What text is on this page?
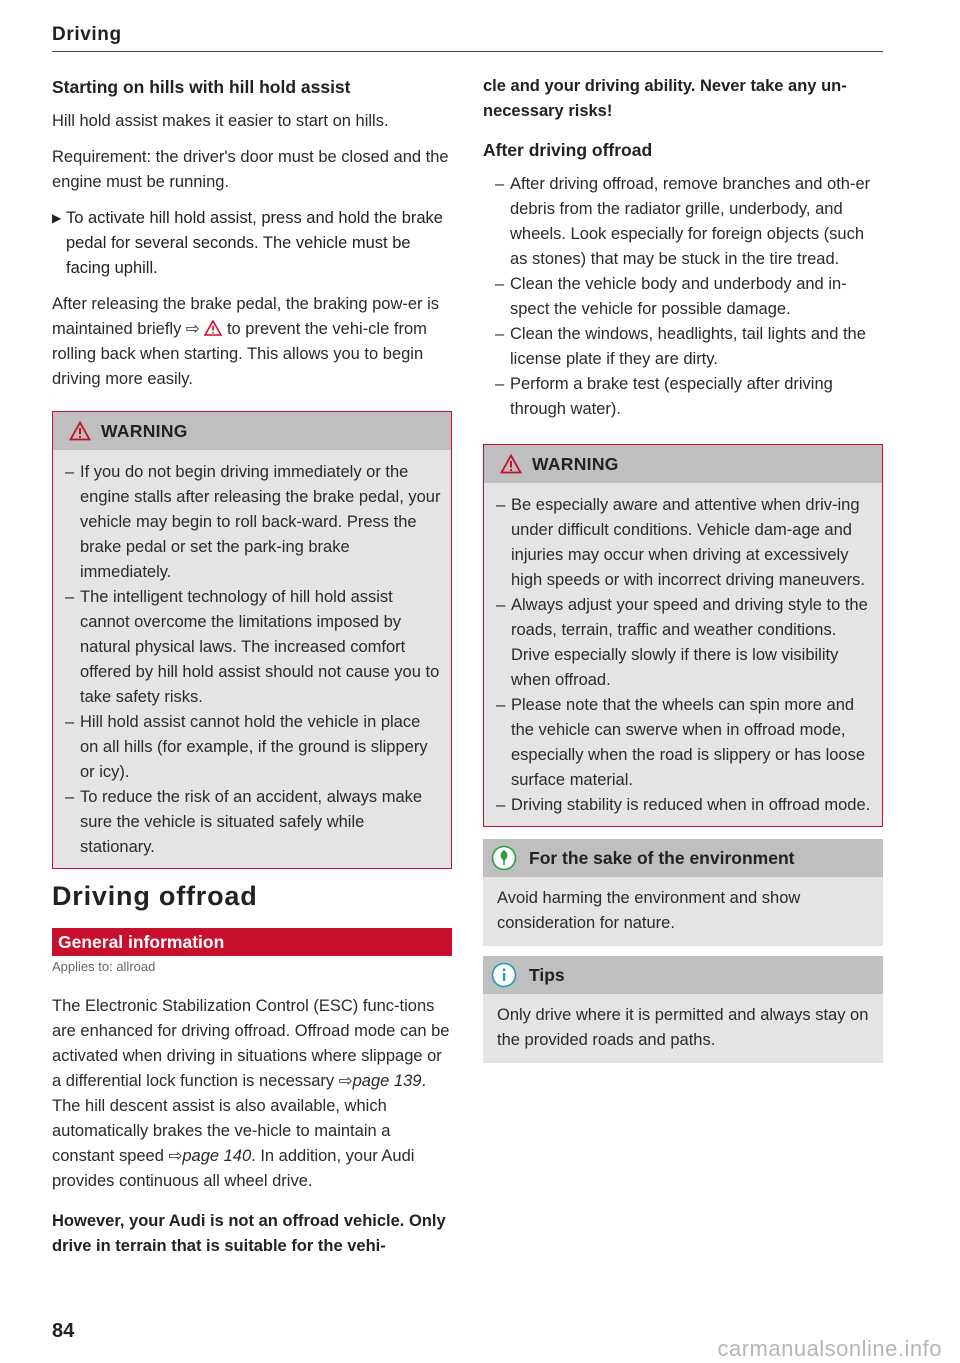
Driving
Starting on hills with hill hold assist
Hill hold assist makes it easier to start on hills.
Requirement: the driver's door must be closed and the engine must be running.
▶ To activate hill hold assist, press and hold the brake pedal for several seconds. The vehicle must be facing uphill.
After releasing the brake pedal, the braking pow-er is maintained briefly ⇨ to prevent the vehi-cle from rolling back when starting. This allows you to begin driving more easily.
WARNING
– If you do not begin driving immediately or the engine stalls after releasing the brake pedal, your vehicle may begin to roll back-ward. Press the brake pedal or set the park-ing brake immediately.
– The intelligent technology of hill hold assist cannot overcome the limitations imposed by natural physical laws. The increased comfort offered by hill hold assist should not cause you to take safety risks.
– Hill hold assist cannot hold the vehicle in place on all hills (for example, if the ground is slippery or icy).
– To reduce the risk of an accident, always make sure the vehicle is situated safely while stationary.
Driving offroad
General information
Applies to: allroad
The Electronic Stabilization Control (ESC) func-tions are enhanced for driving offroad. Offroad mode can be activated when driving in situations where slippage or a differential lock function is necessary ⇨page 139. The hill descent assist is also available, which automatically brakes the ve-hicle to maintain a constant speed ⇨page 140. In addition, your Audi provides continuous all wheel drive.
However, your Audi is not an offroad vehicle. Only drive in terrain that is suitable for the vehi-
cle and your driving ability. Never take any un-necessary risks!
After driving offroad
– After driving offroad, remove branches and oth-er debris from the radiator grille, underbody, and wheels. Look especially for foreign objects (such as stones) that may be stuck in the tire tread.
– Clean the vehicle body and underbody and in-spect the vehicle for possible damage.
– Clean the windows, headlights, tail lights and the license plate if they are dirty.
– Perform a brake test (especially after driving through water).
WARNING
– Be especially aware and attentive when driv-ing under difficult conditions. Vehicle dam-age and injuries may occur when driving at excessively high speeds or with incorrect driving maneuvers.
– Always adjust your speed and driving style to the roads, terrain, traffic and weather conditions. Drive especially slowly if there is low visibility when offroad.
– Please note that the wheels can spin more and the vehicle can swerve when in offroad mode, especially when the road is slippery or has loose surface material.
– Driving stability is reduced when in offroad mode.
For the sake of the environment
Avoid harming the environment and show consideration for nature.
Tips
Only drive where it is permitted and always stay on the provided roads and paths.
84
carmanualsonline.info
